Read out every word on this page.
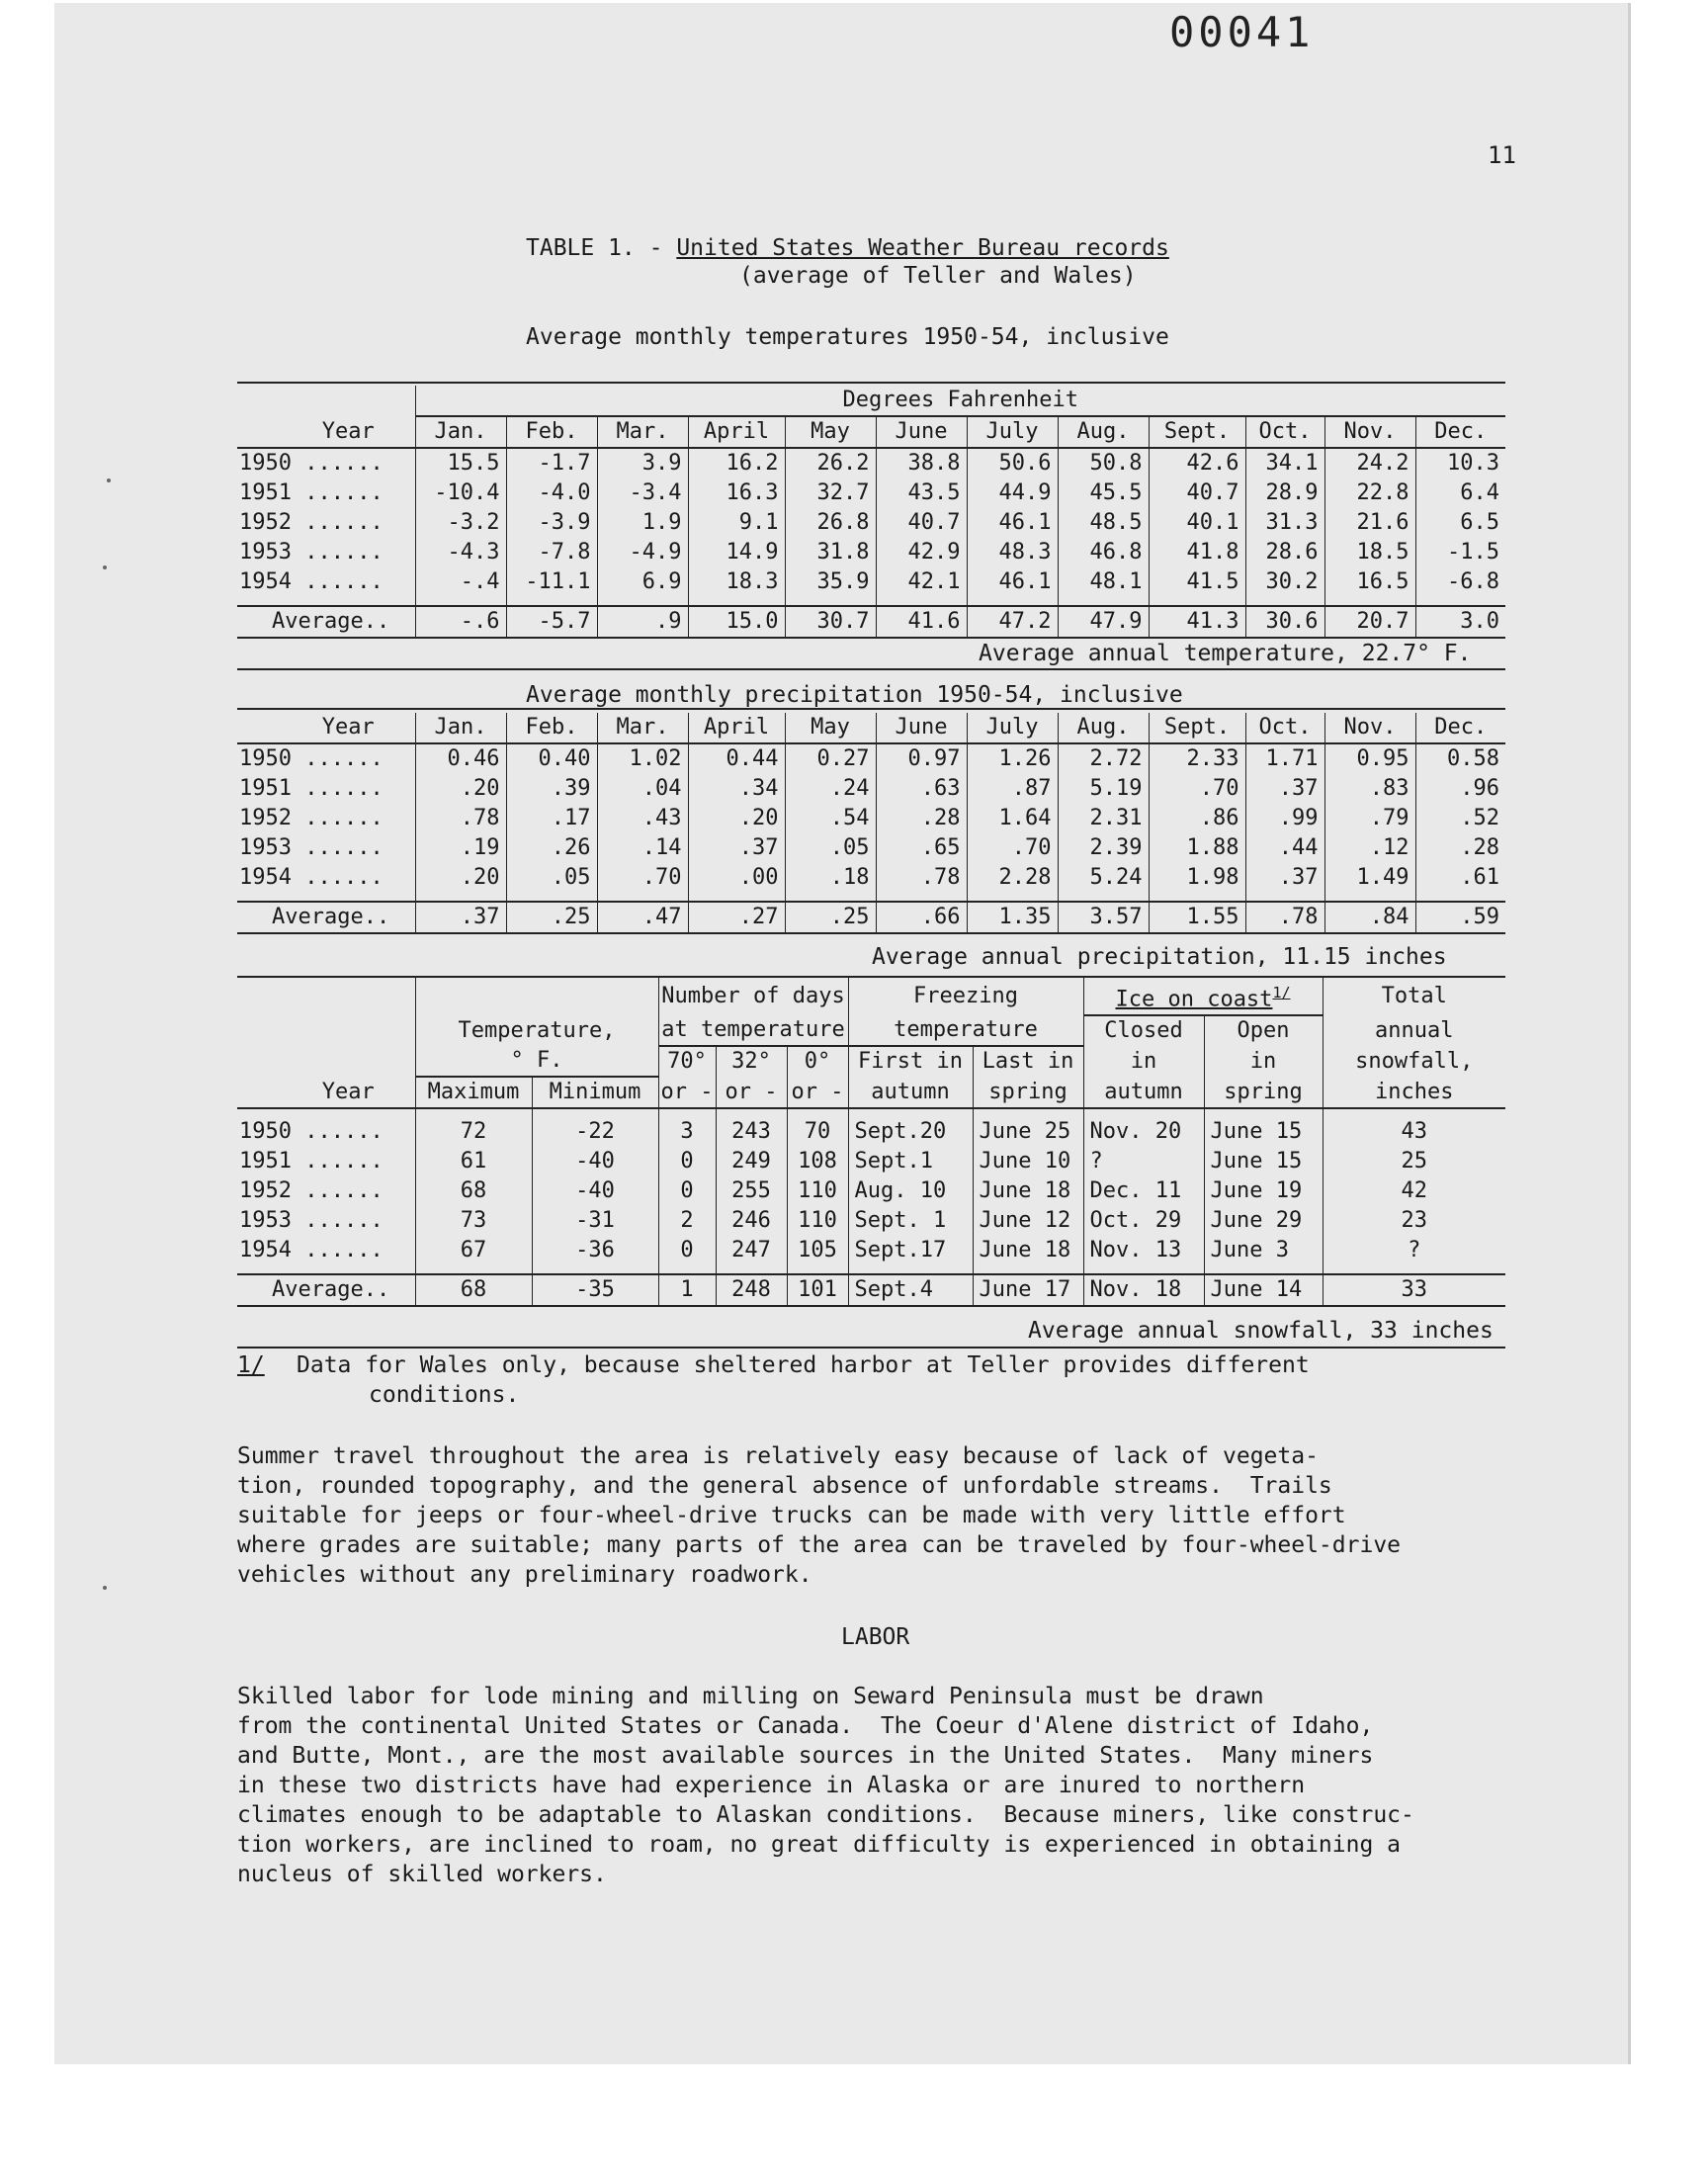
00041
11
TABLE 1. - United States Weather Bureau records
(average of Teller and Wales)
Average monthly temperatures 1950-54, inclusive
	Degrees Fahrenheit											
Year	Jan.	Feb.	Mar.	April	May	June	July	Aug.	Sept.	Oct.	Nov.	Dec.
1950 ......	15.5	-1.7	3.9	16.2	26.2	38.8	50.6	50.8	42.6	34.1	24.2	10.3
1951 ......	-10.4	-4.0	-3.4	16.3	32.7	43.5	44.9	45.5	40.7	28.9	22.8	6.4
1952 ......	-3.2	-3.9	1.9	9.1	26.8	40.7	46.1	48.5	40.1	31.3	21.6	6.5
1953 ......	-4.3	-7.8	-4.9	14.9	31.8	42.9	48.3	46.8	41.8	28.6	18.5	-1.5
1954 ......	-.4	-11.1	6.9	18.3	35.9	42.1	46.1	48.1	41.5	30.2	16.5	-6.8

Average..	-.6	-5.7	.9	15.0	30.7	41.6	47.2	47.9	41.3	30.6	20.7	3.0
Average annual temperature, 22.7° F.
Average monthly precipitation 1950-54, inclusive
Year	Jan.	Feb.	Mar.	April	May	June	July	Aug.	Sept.	Oct.	Nov.	Dec.
1950 ......	0.46	0.40	1.02	0.44	0.27	0.97	1.26	2.72	2.33	1.71	0.95	0.58
1951 ......	.20	.39	.04	.34	.24	.63	.87	5.19	.70	.37	.83	.96
1952 ......	.78	.17	.43	.20	.54	.28	1.64	2.31	.86	.99	.79	.52
1953 ......	.19	.26	.14	.37	.05	.65	.70	2.39	1.88	.44	.12	.28
1954 ......	.20	.05	.70	.00	.18	.78	2.28	5.24	1.98	.37	1.49	.61

Average..	.37	.25	.47	.27	.25	.66	1.35	3.57	1.55	.78	.84	.59
Average annual precipitation, 11.15 inches
			Number of days			Freezing		Ice on coast$^{1/}$		Total
	Temperature,		at temperature			temperature		Closed	Open	annual
	° F.		70°	32°	0°	First in	Last in	in	in	snowfall,
Year	Maximum	Minimum	or -	or -	or -	autumn	spring	autumn	spring	inches

1950 ......	72	-22	3	243	70	Sept.20	June 25	Nov. 20	June 15	43
1951 ......	61	-40	0	249	108	Sept.1	June 10	?	June 15	25
1952 ......	68	-40	0	255	110	Aug. 10	June 18	Dec. 11	June 19	42
1953 ......	73	-31	2	246	110	Sept. 1	June 12	Oct. 29	June 29	23
1954 ......	67	-36	0	247	105	Sept.17	June 18	Nov. 13	June 3	?

Average..	68	-35	1	248	101	Sept.4	June 17	Nov. 18	June 14	33
Average annual snowfall, 33 inches
1/ Data for Wales only, because sheltered harbor at Teller provides different
conditions.
Summer travel throughout the area is relatively easy because of lack of vegeta-
tion, rounded topography, and the general absence of unfordable streams.  Trails
suitable for jeeps or four-wheel-drive trucks can be made with very little effort
where grades are suitable; many parts of the area can be traveled by four-wheel-drive
vehicles without any preliminary roadwork.
LABOR
Skilled labor for lode mining and milling on Seward Peninsula must be drawn
from the continental United States or Canada.  The Coeur d'Alene district of Idaho,
and Butte, Mont., are the most available sources in the United States.  Many miners
in these two districts have had experience in Alaska or are inured to northern
climates enough to be adaptable to Alaskan conditions.  Because miners, like construc-
tion workers, are inclined to roam, no great difficulty is experienced in obtaining a
nucleus of skilled workers.
